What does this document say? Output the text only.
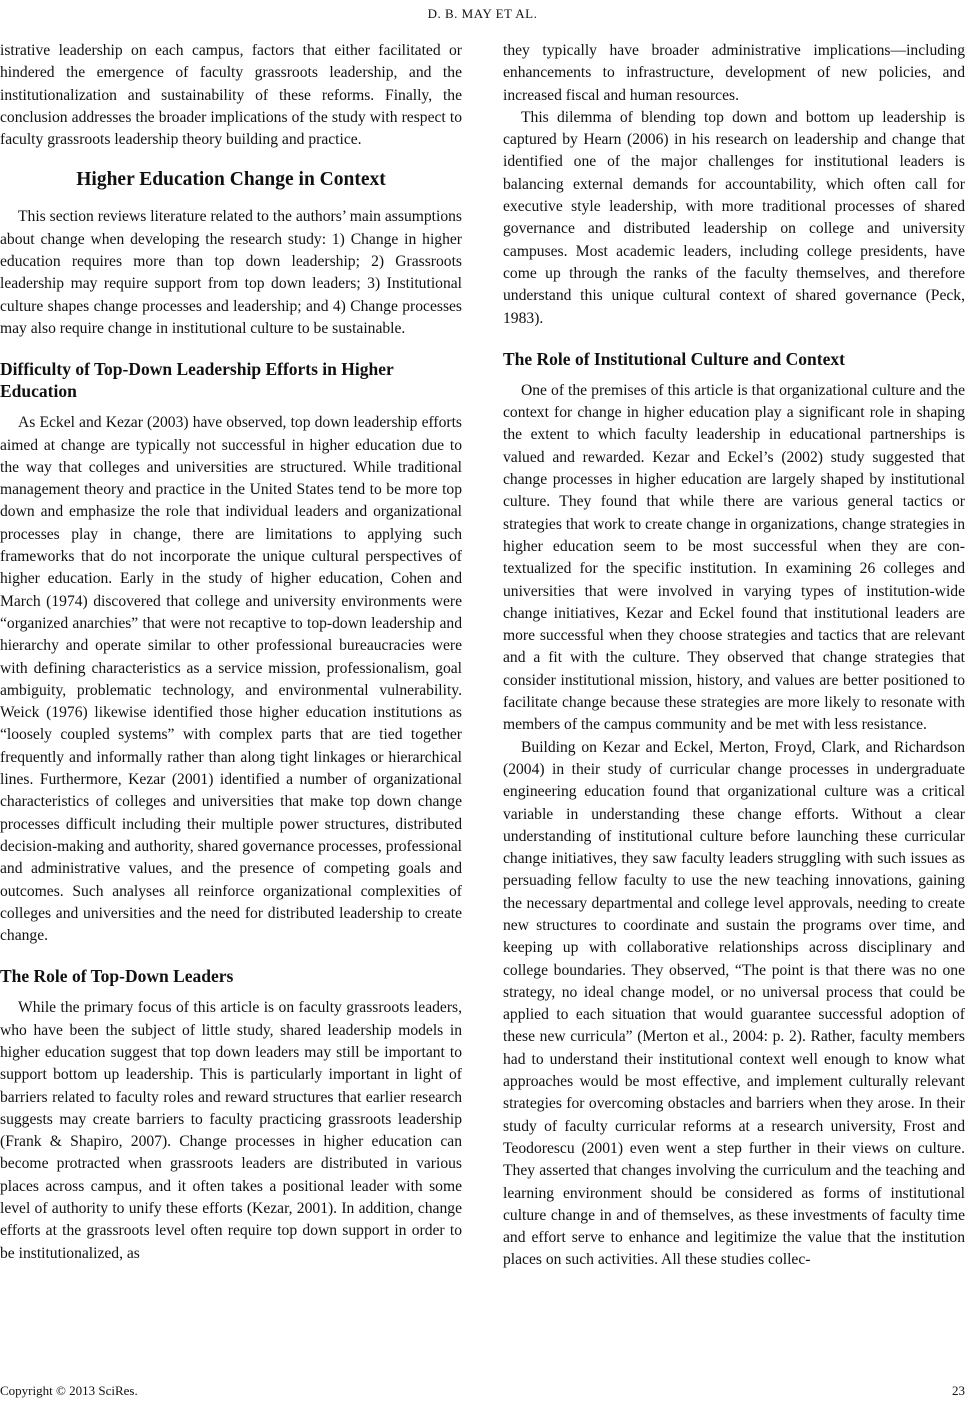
D. B. MAY ET AL.

istrative leadership on each campus, factors that either facilitated or hindered the emergence of faculty grassroots leadership, and the institutionalization and sustainability of these reforms. Finally, the conclusion addresses the broader implications of the study with respect to faculty grassroots leadership theory building and practice.

Higher Education Change in Context

This section reviews literature related to the authors’ main assumptions about change when developing the research study: 1) Change in higher education requires more than top down leadership; 2) Grassroots leadership may require support from top down leaders; 3) Institutional culture shapes change processes and leadership; and 4) Change processes may also require change in institutional culture to be sustainable.

Difficulty of Top-Down Leadership Efforts in Higher Education

As Eckel and Kezar (2003) have observed, top down leadership efforts aimed at change are typically not successful in higher education due to the way that colleges and universities are structured. While traditional management theory and practice in the United States tend to be more top down and emphasize the role that individual leaders and organizational processes play in change, there are limitations to applying such frameworks that do not incorporate the unique cultural perspectives of higher education. Early in the study of higher education, Cohen and March (1974) discovered that college and university environments were “organized anarchies” that were not recaptive to top-down leadership and hierarchy and operate similar to other professional bureaucracies were with defining characteristics as a service mission, professionalism, goal ambiguity, problematic technology, and environmental vulnerability. Weick (1976) likewise identified those higher education institutions as “loosely coupled systems” with complex parts that are tied together frequently and informally rather than along tight linkages or hierarchical lines. Furthermore, Kezar (2001) identified a number of organizational characteristics of colleges and universities that make top down change processes difficult including their multiple power structures, distributed decision-making and authority, shared governance processes, professional and administrative values, and the presence of competing goals and outcomes. Such analyses all reinforce organizational complexities of colleges and universities and the need for distributed leadership to create change.

The Role of Top-Down Leaders

While the primary focus of this article is on faculty grassroots leaders, who have been the subject of little study, shared leadership models in higher education suggest that top down leaders may still be important to support bottom up leadership. This is particularly important in light of barriers related to faculty roles and reward structures that earlier research suggests may create barriers to faculty practicing grassroots leadership (Frank & Shapiro, 2007). Change processes in higher education can become protracted when grassroots leaders are distributed in various places across campus, and it often takes a positional leader with some level of authority to unify these efforts (Kezar, 2001). In addition, change efforts at the grassroots level often require top down support in order to be institutionalized, as

they typically have broader administrative implications—including enhancements to infrastructure, development of new policies, and increased fiscal and human resources.

This dilemma of blending top down and bottom up leadership is captured by Hearn (2006) in his research on leadership and change that identified one of the major challenges for institutional leaders is balancing external demands for accountability, which often call for executive style leadership, with more traditional processes of shared governance and distributed leadership on college and university campuses. Most academic leaders, including college presidents, have come up through the ranks of the faculty themselves, and therefore understand this unique cultural context of shared governance (Peck, 1983).

The Role of Institutional Culture and Context

One of the premises of this article is that organizational culture and the context for change in higher education play a significant role in shaping the extent to which faculty leadership in educational partnerships is valued and rewarded. Kezar and Eckel’s (2002) study suggested that change processes in higher education are largely shaped by institutional culture. They found that while there are various general tactics or strategies that work to create change in organizations, change strategies in higher education seem to be most successful when they are contextualized for the specific institution. In examining 26 colleges and universities that were involved in varying types of institution-wide change initiatives, Kezar and Eckel found that institutional leaders are more successful when they choose strategies and tactics that are relevant and a fit with the culture. They observed that change strategies that consider institutional mission, history, and values are better positioned to facilitate change because these strategies are more likely to resonate with members of the campus community and be met with less resistance.

Building on Kezar and Eckel, Merton, Froyd, Clark, and Richardson (2004) in their study of curricular change processes in undergraduate engineering education found that organizational culture was a critical variable in understanding these change efforts. Without a clear understanding of institutional culture before launching these curricular change initiatives, they saw faculty leaders struggling with such issues as persuading fellow faculty to use the new teaching innovations, gaining the necessary departmental and college level approvals, needing to create new structures to coordinate and sustain the programs over time, and keeping up with collaborative relationships across disciplinary and college boundaries. They observed, “The point is that there was no one strategy, no ideal change model, or no universal process that could be applied to each situation that would guarantee successful adoption of these new curricula” (Merton et al., 2004: p. 2). Rather, faculty members had to understand their institutional context well enough to know what approaches would be most effective, and implement culturally relevant strategies for overcoming obstacles and barriers when they arose. In their study of faculty curricular reforms at a research university, Frost and Teodorescu (2001) even went a step further in their views on culture. They asserted that changes involving the curriculum and the teaching and learning environment should be considered as forms of institutional culture change in and of themselves, as these investments of faculty time and effort serve to enhance and legitimize the value that the institution places on such activities. All these studies collec-

Copyright © 2013 SciRes.	23
